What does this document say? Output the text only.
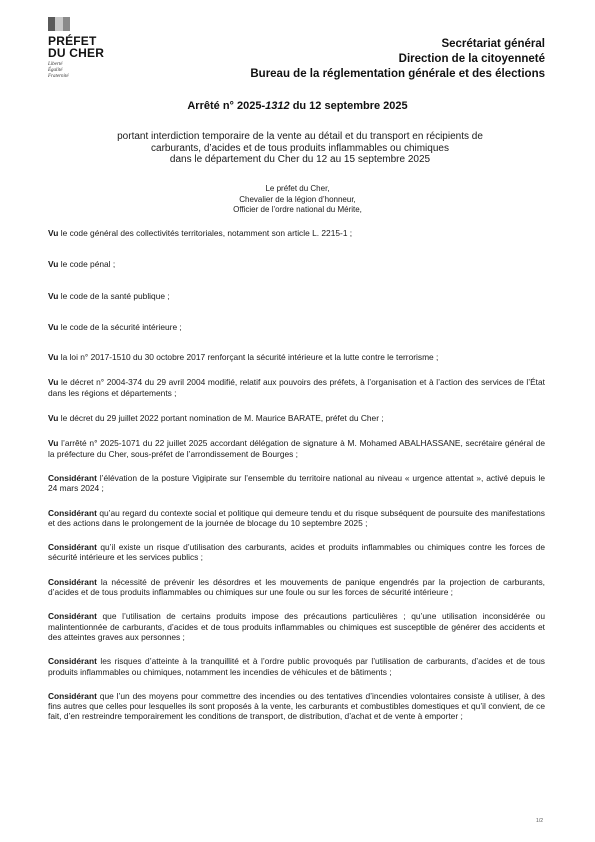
PRÉFET
DU CHER
Liberté
Égalité
Fraternité
Secrétariat général
Direction de la citoyenneté
Bureau de la réglementation générale et des élections
Arrêté n° 2025-1312 du 12 septembre 2025
portant interdiction temporaire de la vente au détail et du transport en récipients de
carburants, d’acides et de tous produits inflammables ou chimiques
dans le département du Cher du 12 au 15 septembre 2025
Le préfet du Cher,
Chevalier de la légion d’honneur,
Officier de l’ordre national du Mérite,

Vu le code général des collectivités territoriales, notamment son article L. 2215-1 ;

Vu le code pénal ;

Vu le code de la santé publique ;

Vu le code de la sécurité intérieure ;

Vu la loi n° 2017-1510 du 30 octobre 2017 renforçant la sécurité intérieure et la lutte contre le terrorisme ;

Vu le décret n° 2004-374 du 29 avril 2004 modifié, relatif aux pouvoirs des préfets, à l’organisation et à l’action des services de l’État dans les régions et départements ;

Vu le décret du 29 juillet 2022 portant nomination de M. Maurice BARATE, préfet du Cher ;

Vu l’arrêté n° 2025-1071 du 22 juillet 2025 accordant délégation de signature à M. Mohamed ABALHASSANE, secrétaire général de la préfecture du Cher, sous-préfet de l’arrondissement de Bourges ;

Considérant l’élévation de la posture Vigipirate sur l’ensemble du territoire national au niveau « urgence attentat », activé depuis le 24 mars 2024 ;

Considérant qu’au regard du contexte social et politique qui demeure tendu et du risque subséquent de poursuite des manifestations et des actions dans le prolongement de la journée de blocage du 10 septembre 2025 ;

Considérant qu’il existe un risque d’utilisation des carburants, acides et produits inflammables ou chimiques contre les forces de sécurité intérieure et les services publics ;

Considérant la nécessité de prévenir les désordres et les mouvements de panique engendrés par la projection de carburants, d’acides et de tous produits inflammables ou chimiques sur une foule ou sur les forces de sécurité intérieure ;

Considérant que l’utilisation de certains produits impose des précautions particulières ; qu’une utilisation inconsidérée ou malintentionnée de carburants, d’acides et de tous produits inflammables ou chimiques est susceptible de générer des accidents et des atteintes graves aux personnes ;

Considérant les risques d’atteinte à la tranquillité et à l’ordre public provoqués par l’utilisation de carburants, d’acides et de tous produits inflammables ou chimiques, notamment les incendies de véhicules et de bâtiments ;

Considérant que l’un des moyens pour commettre des incendies ou des tentatives d’incendies volontaires consiste à utiliser, à des fins autres que celles pour lesquelles ils sont proposés à la vente, les carburants et combustibles domestiques et qu’il convient, de ce fait, d’en restreindre temporairement les conditions de transport, de distribution, d’achat et de vente à emporter ;

1/2
